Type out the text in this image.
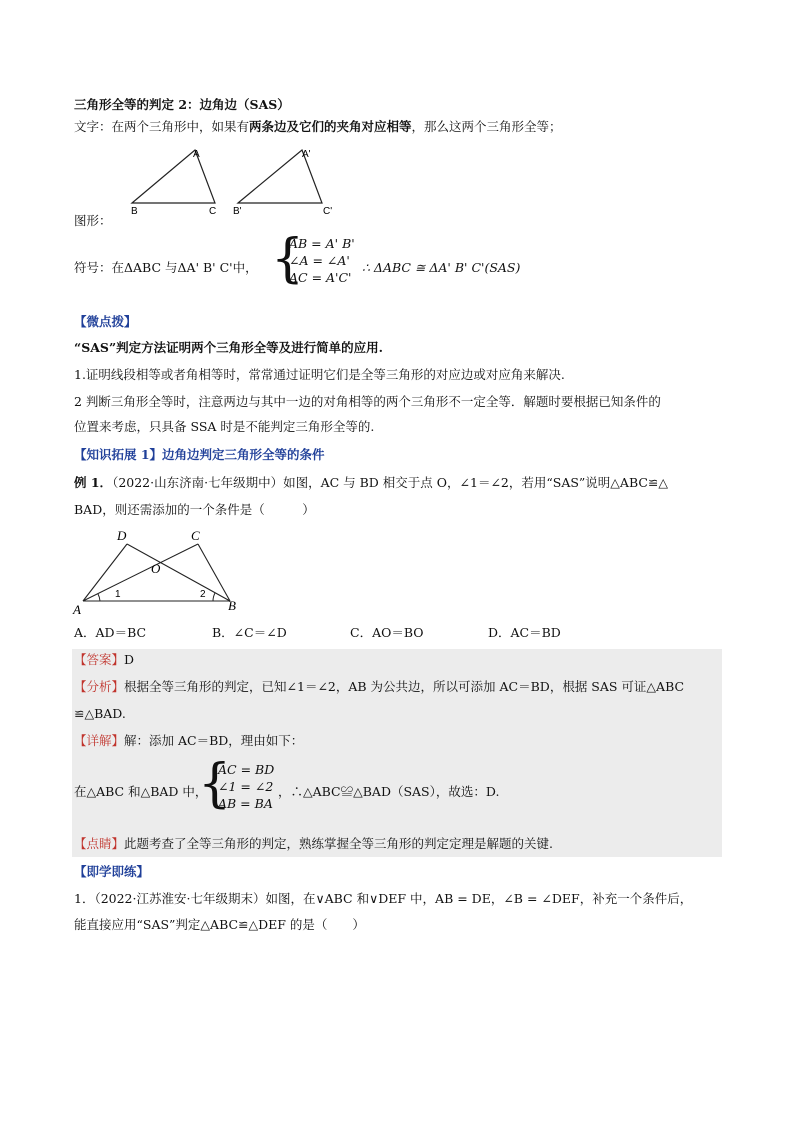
三角形全等的判定 2：边角边（SAS）
文字：在两个三角形中，如果有两条边及它们的夹角对应相等，那么这两个三角形全等；
A
B	C
A'
B'	C'
图形：
符号：在ΔABC 与ΔA' B' C'中， {
AB = A' B'
∠A = ∠A'
AC = A'C'
∴ ΔABC ≅ ΔA' B' C'(SAS)
【微点拨】
“SAS”判定方法证明两个三角形全等及进行简单的应用.
1.证明线段相等或者角相等时，常常通过证明它们是全等三角形的对应边或对应角来解决.
2 判断三角形全等时，注意两边与其中一边的对角相等的两个三角形不一定全等．解题时要根据已知条件的
位置来考虑，只具备 SSA 时是不能判定三角形全等的.
【知识拓展 1】边角边判定三角形全等的条件
例 1．（2022·山东济南·七年级期中）如图，AC 与 BD 相交于点 O，∠1＝∠2，若用“SAS”说明△ABC≌△
BAD，则还需添加的一个条件是（　　　）
D	C
O
A	B
1	2
A．AD＝BC	B．∠C＝∠D	C．AO＝BO	D．AC＝BD
【答案】D
【分析】根据全等三角形的判定，已知∠1＝∠2，AB 为公共边，所以可添加 AC＝BD，根据 SAS 可证△ABC
≌△BAD.
【详解】解：添加 AC＝BD，理由如下：
在△ABC 和△BAD 中，
{
AC = BD
∠1 = ∠2
AB = BA
，∴△ABC≌△BAD（SAS），故选：D.
【点睛】此题考查了全等三角形的判定，熟练掌握全等三角形的判定定理是解题的关键.
【即学即练】
1．（2022·江苏淮安·七年级期末）如图，在∨ABC 和∨DEF 中，AB = DE，∠B = ∠DEF，补充一个条件后，
能直接应用“SAS”判定△ABC≌△DEF 的是（　　）
